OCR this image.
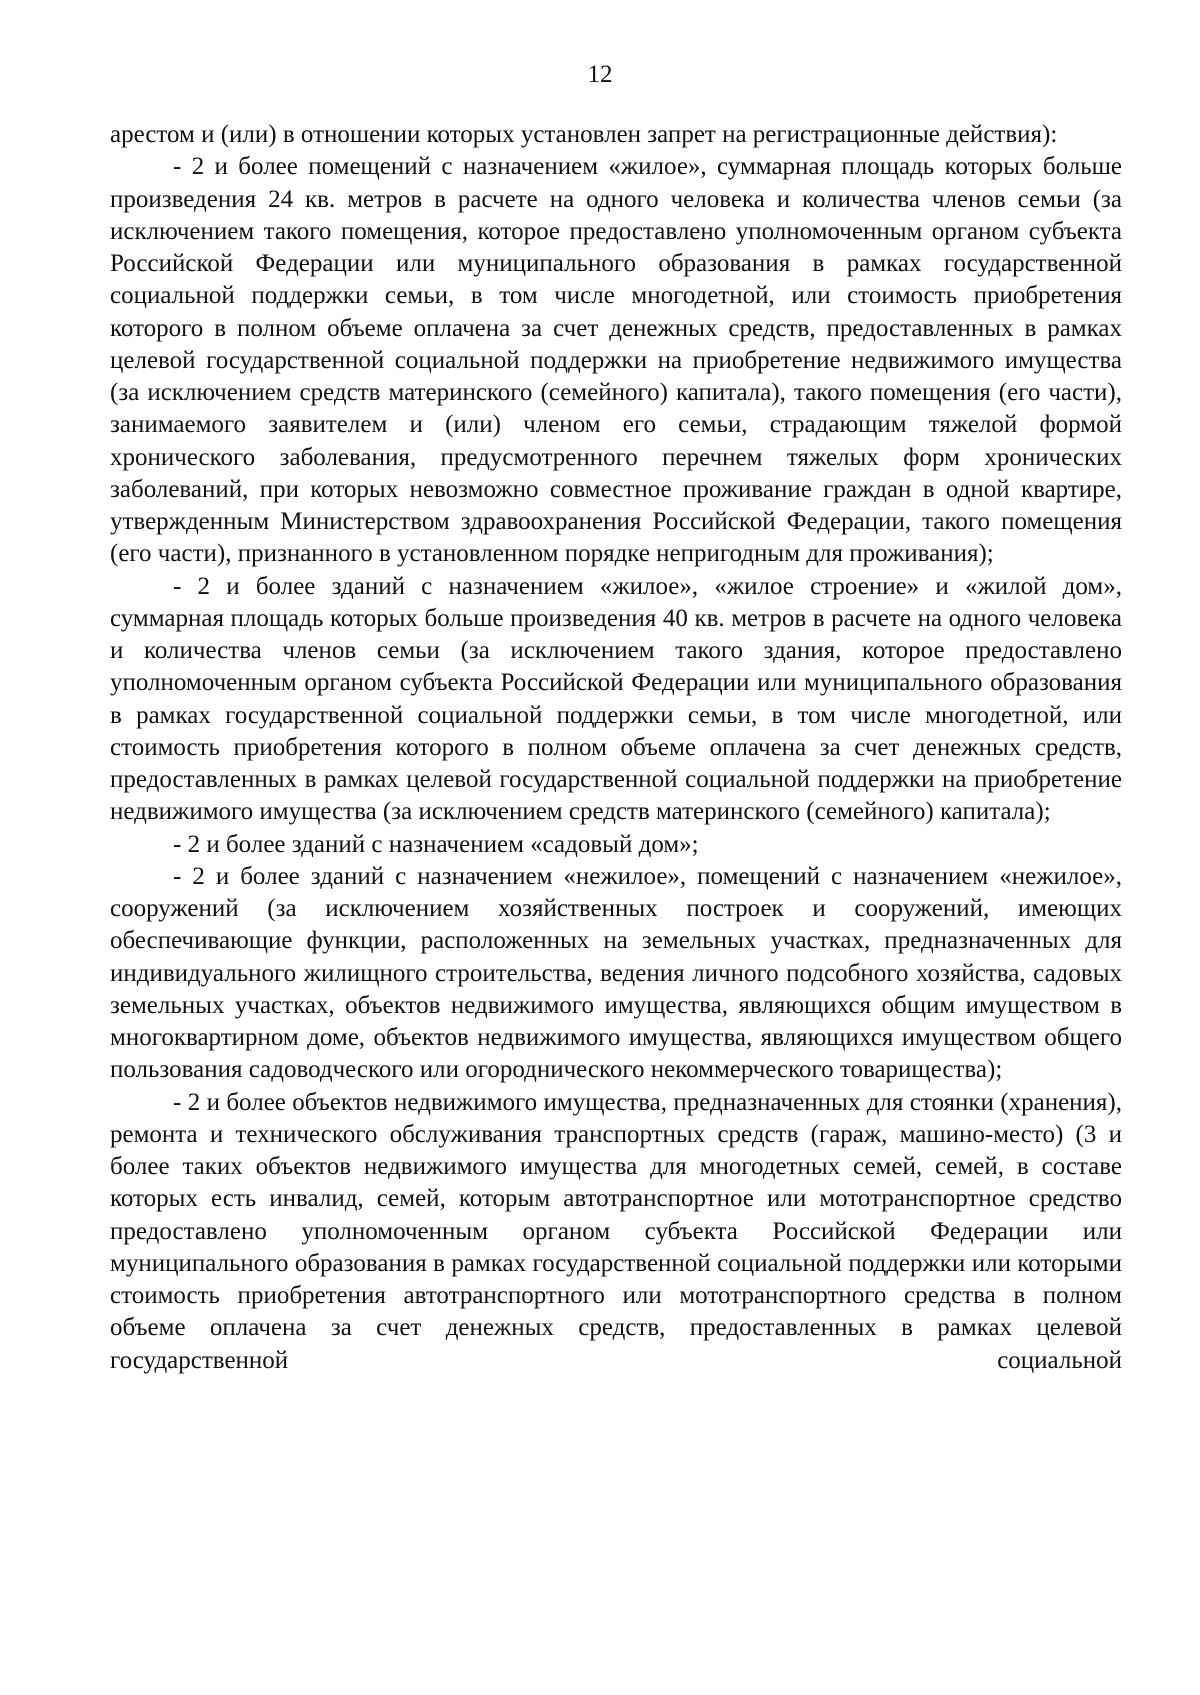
12

арестом и (или) в отношении которых установлен запрет на регистрационные действия):

- 2 и более помещений с назначением «жилое», суммарная площадь которых больше произведения 24 кв. метров в расчете на одного человека и количества членов семьи (за исключением такого помещения, которое предоставлено уполномоченным органом субъекта Российской Федерации или муниципального образования в рамках государственной социальной поддержки семьи, в том числе многодетной, или стоимость приобретения которого в полном объеме оплачена за счет денежных средств, предоставленных в рамках целевой государственной социальной поддержки на приобретение недвижимого имущества (за исключением средств материнского (семейного) капитала), такого помещения (его части), занимаемого заявителем и (или) членом его семьи, страдающим тяжелой формой хронического заболевания, предусмотренного перечнем тяжелых форм хронических заболеваний, при которых невозможно совместное проживание граждан в одной квартире, утвержденным Министерством здравоохранения Российской Федерации, такого помещения (его части), признанного в установленном порядке непригодным для проживания);

- 2 и более зданий с назначением «жилое», «жилое строение» и «жилой дом», суммарная площадь которых больше произведения 40 кв. метров в расчете на одного человека и количества членов семьи (за исключением такого здания, которое предоставлено уполномоченным органом субъекта Российской Федерации или муниципального образования в рамках государственной социальной поддержки семьи, в том числе многодетной, или стоимость приобретения которого в полном объеме оплачена за счет денежных средств, предоставленных в рамках целевой государственной социальной поддержки на приобретение недвижимого имущества (за исключением средств материнского (семейного) капитала);

- 2 и более зданий с назначением «садовый дом»;

- 2 и более зданий с назначением «нежилое», помещений с назначением «нежилое», сооружений (за исключением хозяйственных построек и сооружений, имеющих обеспечивающие функции, расположенных на земельных участках, предназначенных для индивидуального жилищного строительства, ведения личного подсобного хозяйства, садовых земельных участках, объектов недвижимого имущества, являющихся общим имуществом в многоквартирном доме, объектов недвижимого имущества, являющихся имуществом общего пользования садоводческого или огороднического некоммерческого товарищества);

- 2 и более объектов недвижимого имущества, предназначенных для стоянки (хранения), ремонта и технического обслуживания транспортных средств (гараж, машино-место) (3 и более таких объектов недвижимого имущества для многодетных семей, семей, в составе которых есть инвалид, семей, которым автотранспортное или мототранспортное средство предоставлено уполномоченным органом субъекта Российской Федерации или муниципального образования в рамках государственной социальной поддержки или которыми стоимость приобретения автотранспортного или мототранспортного средства в полном объеме оплачена за счет денежных средств, предоставленных в рамках целевой государственной социальной
